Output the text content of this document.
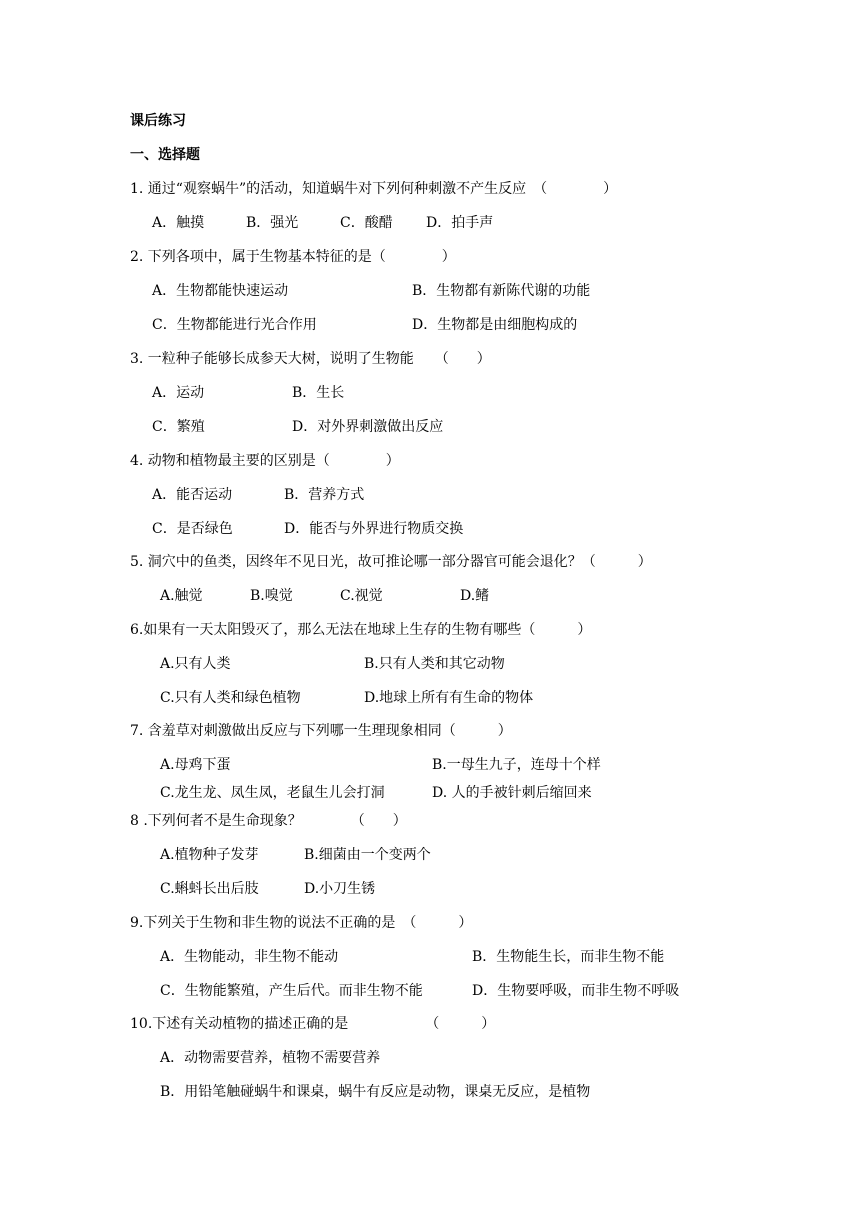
课后练习
一、选择题
1. 通过“观察蜗牛”的活动，知道蜗牛对下列何种刺激不产生反应　（　　　　）
A．触摸	B．强光	C．酸醋 D．拍手声
2. 下列各项中，属于生物基本特征的是（　　　　）
A．生物都能快速运动	B．生物都有新陈代谢的功能
C．生物都能进行光合作用	D．生物都是由细胞构成的
3. 一粒种子能够长成参天大树，说明了生物能　　（　　）
A．运动	B．生长
C．繁殖	D．对外界刺激做出反应
4. 动物和植物最主要的区别是（　　　　）
A．能否运动	B．营养方式
C．是否绿色	D．能否与外界进行物质交换
5. 洞穴中的鱼类，因终年不见日光，故可推论哪一部分器官可能会退化？（　　　）
A.触觉	B.嗅觉	C.视觉	D.鳍
6.如果有一天太阳毁灭了，那么无法在地球上生存的生物有哪些（　　　）
A.只有人类	B.只有人类和其它动物
C.只有人类和绿色植物	D.地球上所有有生命的物体
7. 含羞草对刺激做出反应与下列哪一生理现象相同（　　　）
A.母鸡下蛋	B.一母生九子，连母十个样
C.龙生龙、凤生凤，老鼠生儿会打洞	D. 人的手被针刺后缩回来
8 .下列何者不是生命现象？　　　　（　　）
A.植物种子发芽	B.细菌由一个变两个
C.蝌蚪长出后肢	D.小刀生锈
9.下列关于生物和非生物的说法不正确的是　（　　　）
A．生物能动，非生物不能动	B．生物能生长，而非生物不能
C．生物能繁殖，产生后代。而非生物不能	D．生物要呼吸，而非生物不呼吸
10.下述有关动植物的描述正确的是　　　　　　（　　　）
A．动物需要营养，植物不需要营养
B．用铅笔触碰蜗牛和课桌，蜗牛有反应是动物，课桌无反应，是植物
